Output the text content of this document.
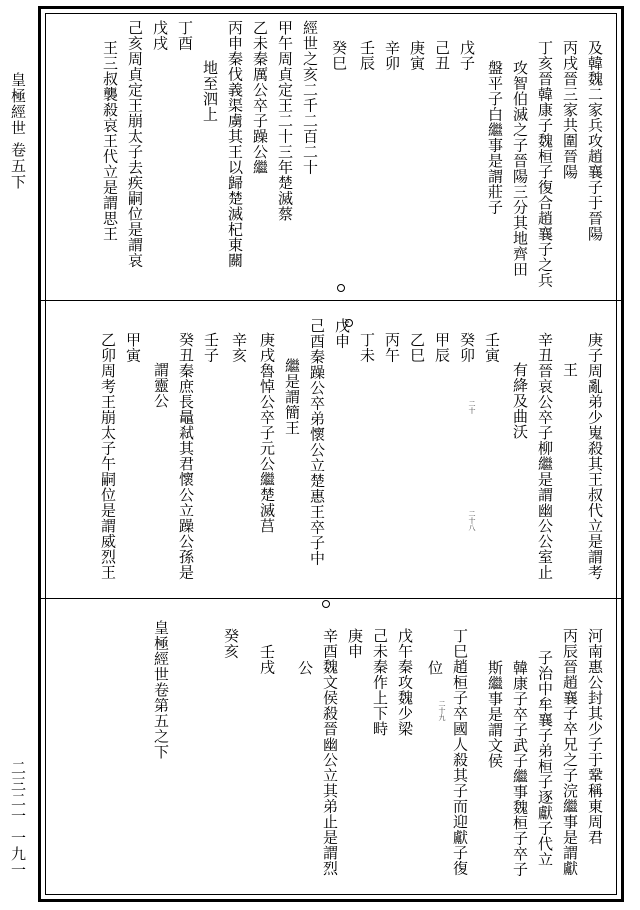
皇極經世 卷五下
二三二一 一九一
及韓魏二家兵攻趙襄子于晉陽
丙戌晉三家共圍晉陽
丁亥晉韓康子魏桓子復合趙襄子之兵
攻智伯滅之子晉陽三分其地齊田
盤平子白繼事是謂莊子
戊子
己丑
庚寅
辛卯
壬辰
癸巳
經世之亥二千二百二十
甲午周貞定王二十三年楚滅蔡
乙未秦厲公卒子躁公繼
丙申秦伐義渠虜其王以歸楚滅杞東關
地至泗上
丁酉
戊戌
己亥周貞定王崩太子去疾嗣位是謂哀
王三叔襲殺哀王代立是謂思王
庚子周亂弟少嵬殺其王叔代立是謂考
王
辛丑晉哀公卒子柳繼是謂幽公公室止
有絳及曲沃
壬寅
癸卯
甲辰
乙巳
丙午
丁未
戊申
己酉秦躁公卒弟懷公立楚惠王卒子中
繼是謂簡王
庚戌魯悼公卒子元公繼楚滅莒
辛亥
壬子
癸丑秦庶長鼂弒其君懷公立躁公孫是
謂靈公
甲寅
乙卯周考王崩太子午嗣位是謂威烈王	二十
二十八
河南惠公封其少子于鞏稱東周君
丙辰晉趙襄子卒兄之子浣繼事是謂獻
子治中牟襄子弟桓子逐獻子代立
韓康子卒子武子繼事魏桓子卒子
斯繼事是謂文侯
丁巳趙桓子卒國人殺其子而迎獻子復
位
戊午秦攻魏少梁
己未秦作上下畤
庚申
辛酉魏文侯殺晉幽公立其弟止是謂烈
公
壬戌
癸亥
皇極經世卷第五之下	二十九
